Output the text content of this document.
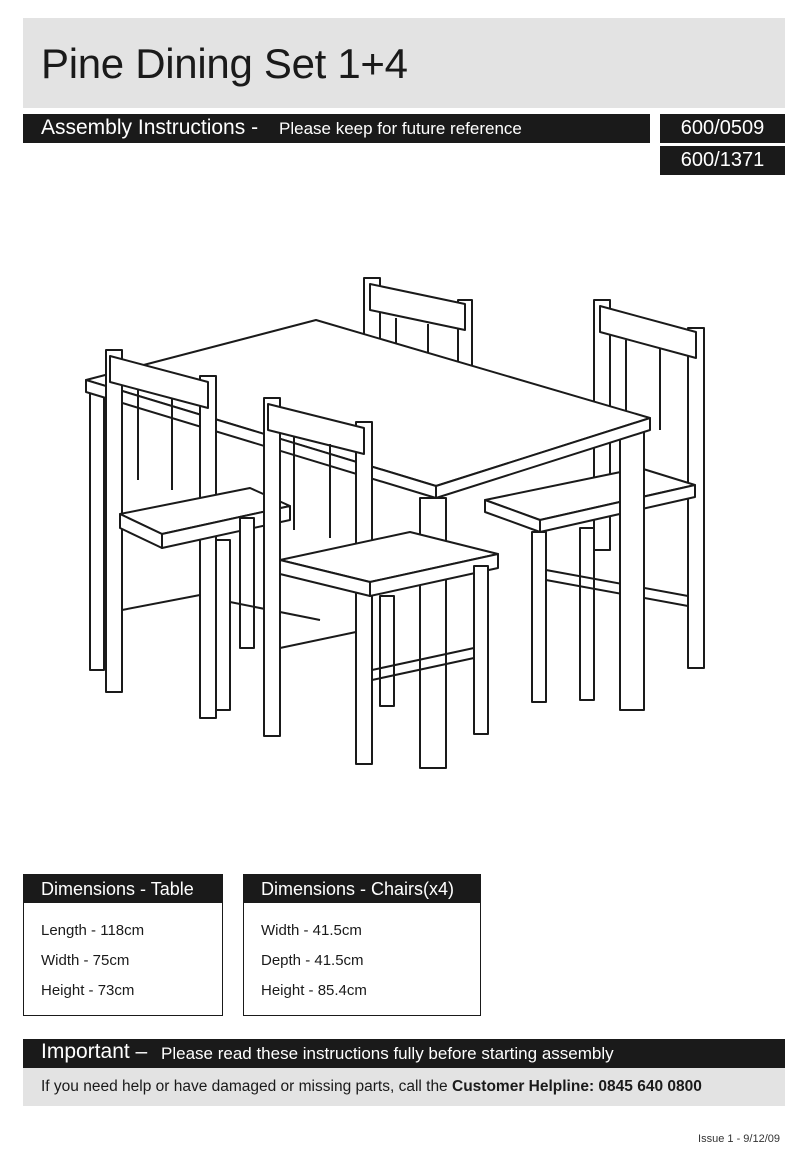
Pine Dining Set 1+4
Assembly Instructions - Please keep for future reference	600/0509
600/1371
Dimensions - Table
Length - 118cm
Width - 75cm
Height - 73cm
Dimensions - Chairs(x4)
Width - 41.5cm
Depth - 41.5cm
Height - 85.4cm
Important – Please read these instructions fully before starting assembly
If you need help or have damaged or missing parts, call the Customer Helpline: 0845 640 0800
Issue 1 - 9/12/09
